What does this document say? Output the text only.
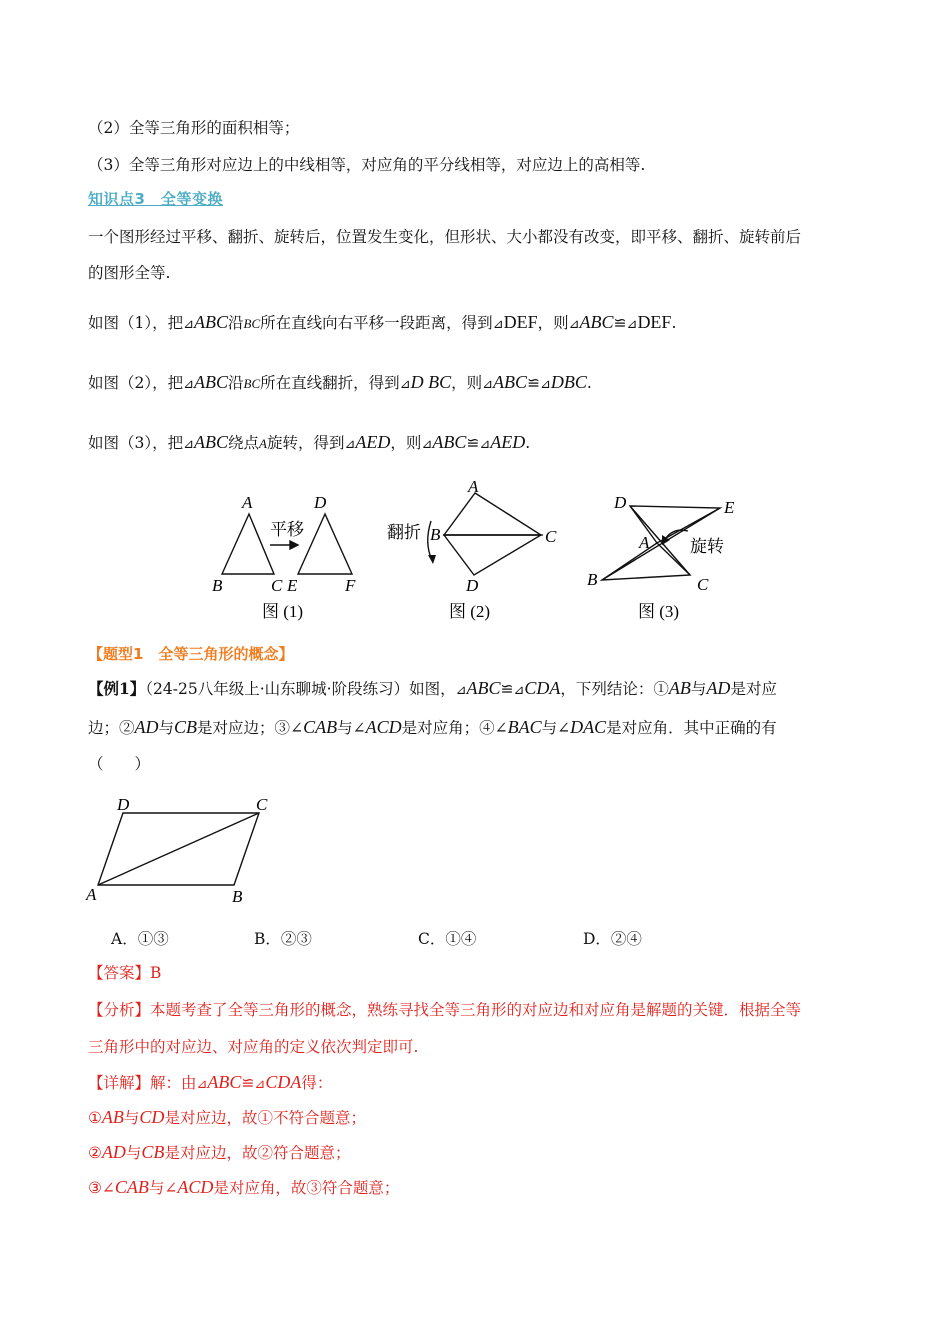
（2）全等三角形的面积相等；
（3）全等三角形对应边上的中线相等，对应角的平分线相等，对应边上的高相等.
知识点3　全等变换
一个图形经过平移、翻折、旋转后，位置发生变化，但形状、大小都没有改变，即平移、翻折、旋转前后
的图形全等.
如图（1），把⊿ABC沿BC所在直线向右平移一段距离，得到⊿DEF，则⊿ABC≌⊿DEF.
如图（2），把⊿ABC沿BC所在直线翻折，得到⊿D BC，则⊿ABC≌⊿DBC.
如图（3），把⊿ABC绕点A旋转，得到⊿AED，则⊿ABC≌⊿AED.
A
B	C
D
E	F
平移
图 (1)
A
B	C
D
翻折
图 (2)
D	E
A
B	C
旋转
图 (3)
【题型1　全等三角形的概念】
【例1】（24-25八年级上·山东聊城·阶段练习）如图，⊿ABC≌⊿CDA，下列结论：①AB与AD是对应
边；②AD与CB是对应边；③∠CAB与∠ACD是对应角；④∠BAC与∠DAC是对应角．其中正确的有
（　　）
D	C
A	B
A．①③	B．②③	C．①④	D．②④
【答案】B
【分析】本题考查了全等三角形的概念，熟练寻找全等三角形的对应边和对应角是解题的关键．根据全等
三角形中的对应边、对应角的定义依次判定即可.
【详解】解：由⊿ABC≌⊿CDA得：
①AB与CD是对应边，故①不符合题意；
②AD与CB是对应边，故②符合题意；
③∠CAB与∠ACD是对应角，故③符合题意；
